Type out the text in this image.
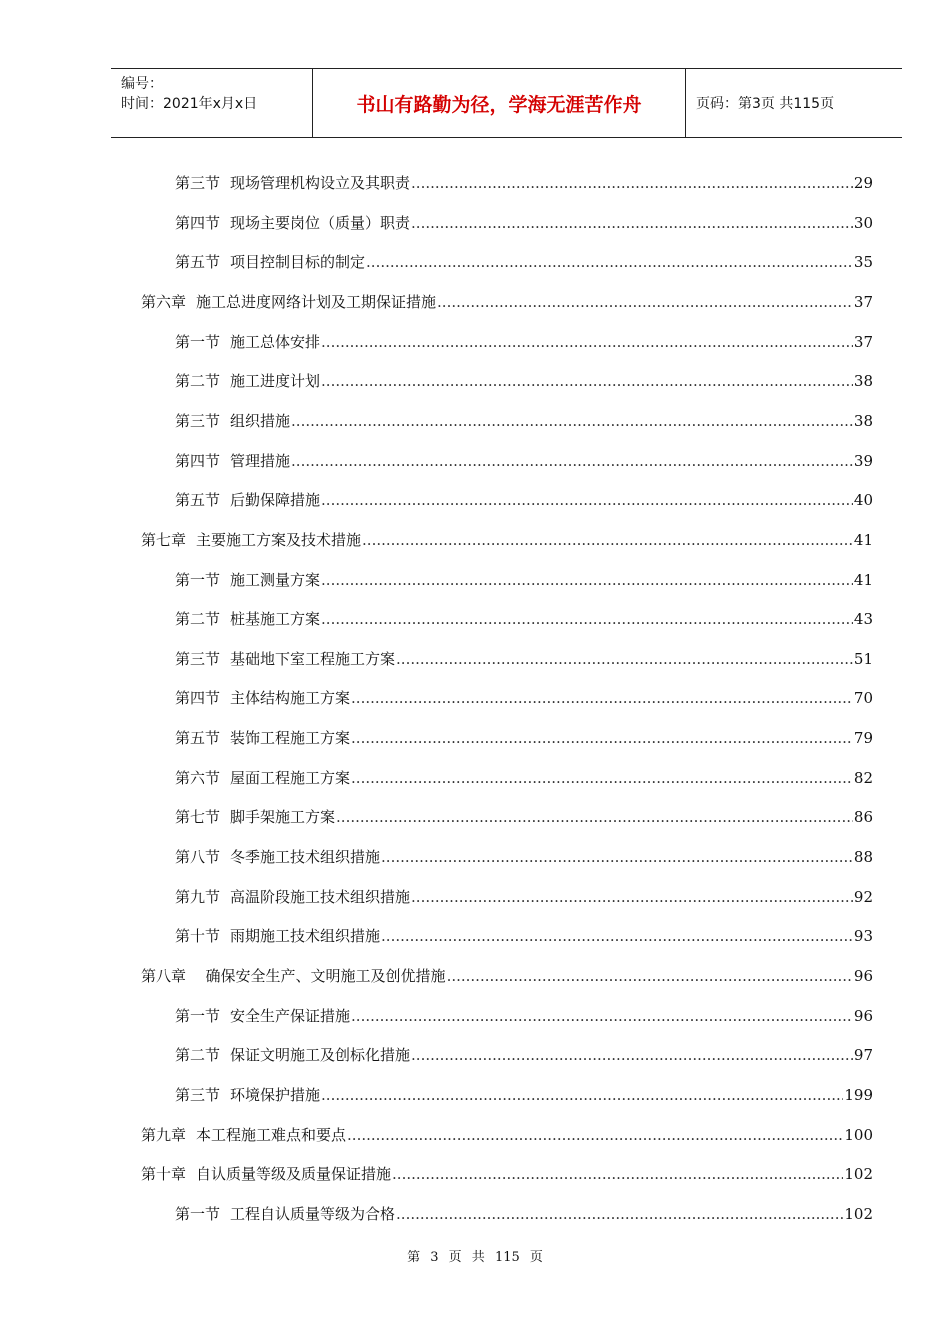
编号：
时间：2021年x月x日	书山有路勤为径，学海无涯苦作舟	页码：第3页 共115页
第三节 现场管理机构设立及其职责 .....	29
第四节 现场主要岗位（质量）职责 .....	30
第五节 项目控制目标的制定 .....	35
第六章 施工总进度网络计划及工期保证措施 .....	37
第一节 施工总体安排 .....	37
第二节 施工进度计划 .....	38
第三节 组织措施 .....	38
第四节 管理措施 .....	39
第五节 后勤保障措施 .....	40
第七章 主要施工方案及技术措施 .....	41
第一节 施工测量方案 .....	41
第二节 桩基施工方案 .....	43
第三节 基础地下室工程施工方案 .....	51
第四节 主体结构施工方案 .....	70
第五节 装饰工程施工方案 .....	79
第六节 屋面工程施工方案 .....	82
第七节 脚手架施工方案 .....	86
第八节 冬季施工技术组织措施 .....	88
第九节 高温阶段施工技术组织措施 .....	92
第十节 雨期施工技术组织措施 .....	93
第八章 确保安全生产、文明施工及创优措施 .....	96
第一节 安全生产保证措施 .....	96
第二节 保证文明施工及创标化措施 .....	97
第三节 环境保护措施 .....	199
第九章 本工程施工难点和要点 .....	100
第十章 自认质量等级及质量保证措施 .....	102
第一节 工程自认质量等级为合格 .....	102
第 3 页 共 115 页
